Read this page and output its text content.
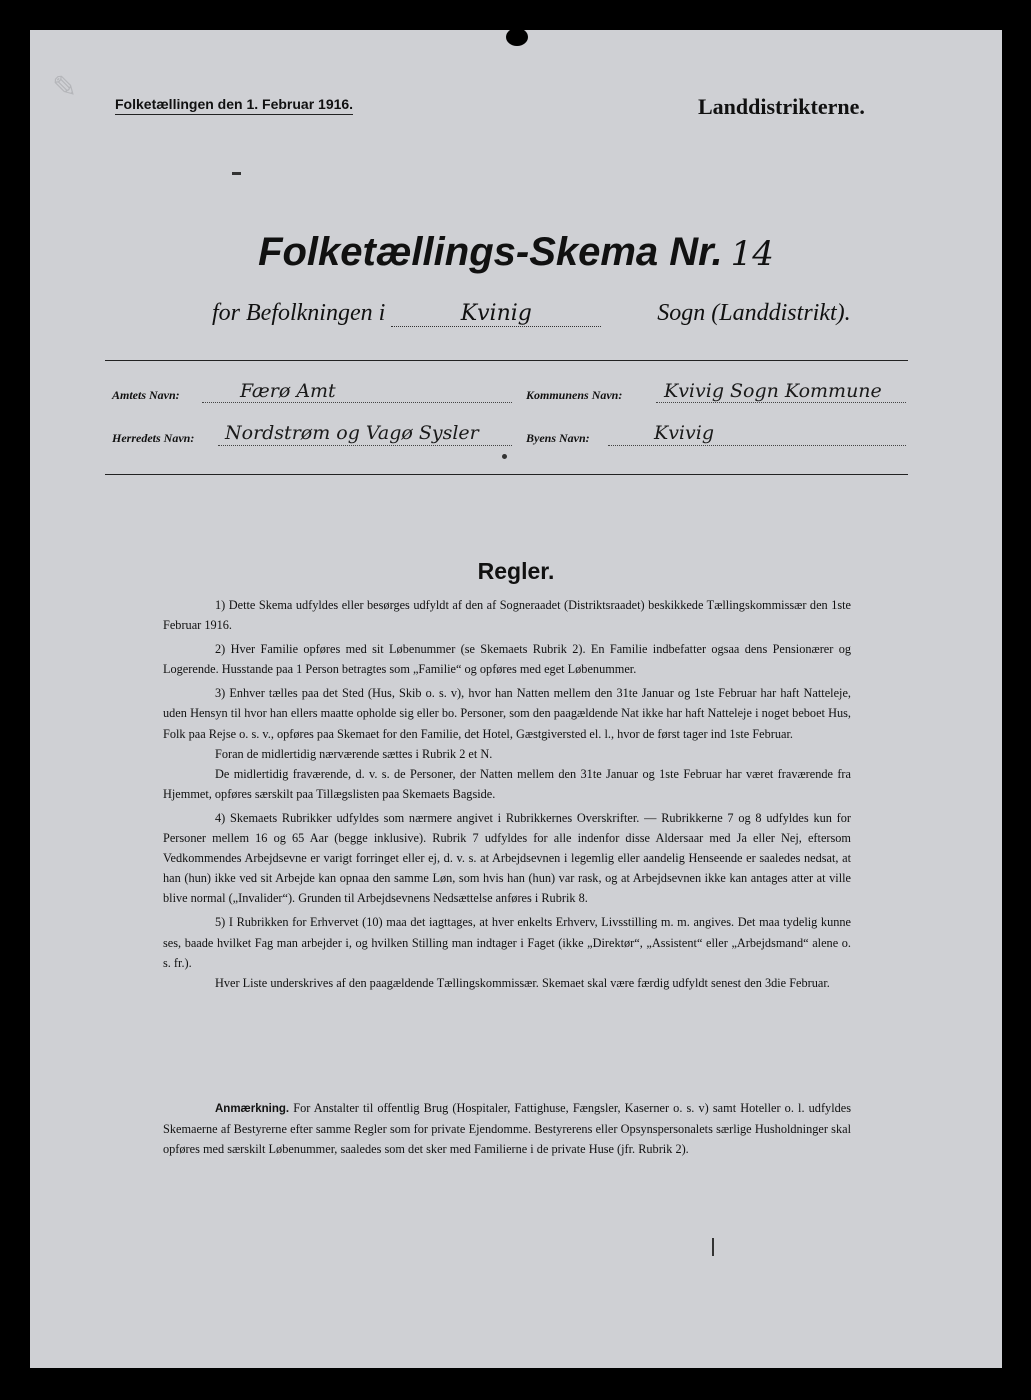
✎	Folketællingen den 1. Februar 1916.	Landdistrikterne.
Folketællings-Skema Nr. 14
for Befolkningen i	Kvinig	Sogn (Landdistrikt).
Amtets Navn:	Færø Amt	Kommunens Navn: Kvivig Sogn Kommune
Herredets Navn: Nordstrøm og Vagø Sysler	Byens Navn:	Kvivig
Regler.

1) Dette Skema udfyldes eller besørges udfyldt af den af Sogneraadet (Distriktsraadet) beskikkede Tællingskommissær den 1ste Februar 1916.

2) Hver Familie opføres med sit Løbenummer (se Skemaets Rubrik 2). En Familie indbefatter ogsaa dens Pensionærer og Logerende. Husstande paa 1 Person betragtes som „Familie“ og opføres med eget Løbenummer.

3) Enhver tælles paa det Sted (Hus, Skib o. s. v), hvor han Natten mellem den 31te Januar og 1ste Februar har haft Natteleje, uden Hensyn til hvor han ellers maatte opholde sig eller bo. Personer, som den paagældende Nat ikke har haft Natteleje i noget beboet Hus, Folk paa Rejse o. s. v., opføres paa Skemaet for den Familie, det Hotel, Gæstgiversted el. l., hvor de først tager ind 1ste Februar.

Foran de midlertidig nærværende sættes i Rubrik 2 et N.

De midlertidig fraværende, d. v. s. de Personer, der Natten mellem den 31te Januar og 1ste Februar har været fraværende fra Hjemmet, opføres særskilt paa Tillægslisten paa Skemaets Bagside.

4) Skemaets Rubrikker udfyldes som nærmere angivet i Rubrikkernes Overskrifter. — Rubrikkerne 7 og 8 udfyldes kun for Personer mellem 16 og 65 Aar (begge inklusive). Rubrik 7 udfyldes for alle indenfor disse Aldersaar med Ja eller Nej, eftersom Vedkommendes Arbejdsevne er varigt forringet eller ej, d. v. s. at Arbejdsevnen i legemlig eller aandelig Henseende er saaledes nedsat, at han (hun) ikke ved sit Arbejde kan opnaa den samme Løn, som hvis han (hun) var rask, og at Arbejdsevnen ikke kan antages atter at ville blive normal („Invalider“). Grunden til Arbejdsevnens Nedsættelse anføres i Rubrik 8.

5) I Rubrikken for Erhvervet (10) maa det iagttages, at hver enkelts Erhverv, Livsstilling m. m. angives. Det maa tydelig kunne ses, baade hvilket Fag man arbejder i, og hvilken Stilling man indtager i Faget (ikke „Direktør“, „Assistent“ eller „Arbejdsmand“ alene o. s. fr.).

Hver Liste underskrives af den paagældende Tællingskommissær. Skemaet skal være færdig udfyldt senest den 3die Februar.

Anmærkning. For Anstalter til offentlig Brug (Hospitaler, Fattighuse, Fængsler, Kaserner o. s. v) samt Hoteller o. l. udfyldes Skemaerne af Bestyrerne efter samme Regler som for private Ejendomme. Bestyrerens eller Opsynspersonalets særlige Husholdninger skal opføres med særskilt Løbenummer, saaledes som det sker med Familierne i de private Huse (jfr. Rubrik 2).
